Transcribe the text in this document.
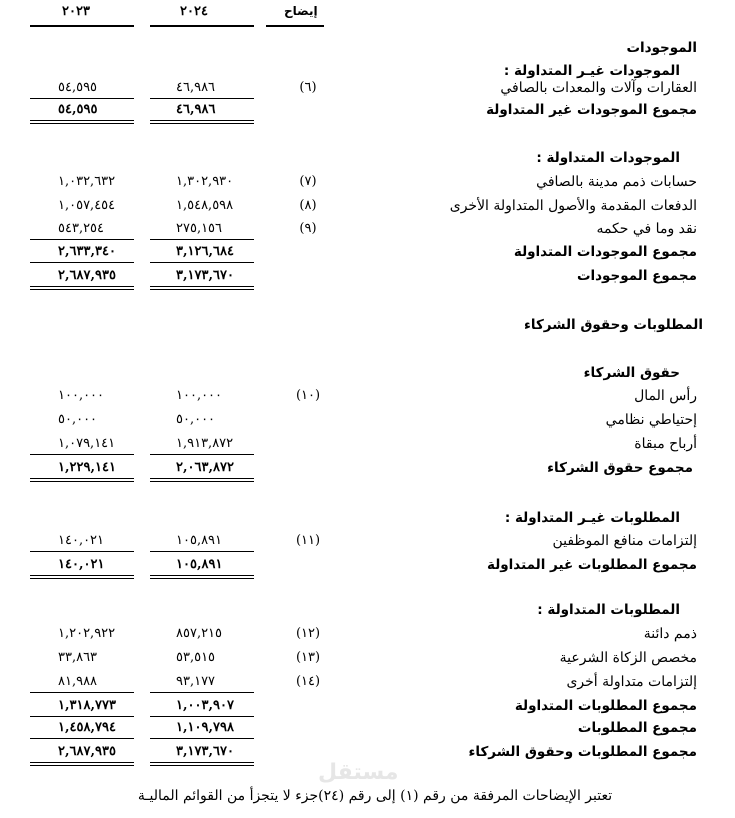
٢٠٢٣	٢٠٢٤	إيضاح
الموجودات
الموجودات غيـر المتداولة :
العقارات وآلات والمعدات بالصافي
(٦)
٤٦,٩٨٦
٥٤,٥٩٥
مجموع الموجودات غير المتداولة
٤٦,٩٨٦
٥٤,٥٩٥
الموجودات المتداولة :
حسابات ذمم مدينة بالصافي
(٧)
١,٣٠٢,٩٣٠
١,٠٣٢,٦٣٢
الدفعات المقدمة والأصول المتداولة الأخرى
(٨)
١,٥٤٨,٥٩٨
١,٠٥٧,٤٥٤
نقد وما في حكمه
(٩)
٢٧٥,١٥٦
٥٤٣,٢٥٤
مجموع الموجودات المتداولة
٣,١٢٦,٦٨٤
٢,٦٣٣,٣٤٠
مجموع الموجودات
٣,١٧٣,٦٧٠
٢,٦٨٧,٩٣٥
المطلوبات وحقوق الشركاء
حقوق الشركاء
رأس المال
(١٠)
١٠٠,٠٠٠
١٠٠,٠٠٠
إحتياطي نظامي
٥٠,٠٠٠
٥٠,٠٠٠
أرباح مبقاة
١,٩١٣,٨٧٢
١,٠٧٩,١٤١
مجموع حقوق الشركاء
٢,٠٦٣,٨٧٢
١,٢٢٩,١٤١
المطلوبات غيـر المتداولة :
إلتزامات منافع الموظفين
(١١)
١٠٥,٨٩١
١٤٠,٠٢١
مجموع المطلوبات غير المتداولة
١٠٥,٨٩١
١٤٠,٠٢١
المطلوبات المتداولة :
ذمم دائنة
(١٢)
٨٥٧,٢١٥
١,٢٠٢,٩٢٢
مخصص الزكاة الشرعية
(١٣)
٥٣,٥١٥
٣٣,٨٦٣
إلتزامات متداولة أخرى
(١٤)
٩٣,١٧٧
٨١,٩٨٨
مجموع المطلوبات المتداولة
١,٠٠٣,٩٠٧
١,٣١٨,٧٧٣
مجموع المطلوبات
١,١٠٩,٧٩٨
١,٤٥٨,٧٩٤
مجموع المطلوبات وحقوق الشركاء
٣,١٧٣,٦٧٠
٢,٦٨٧,٩٣٥
تعتبر الإيضاحات المرفقة من رقم (١) إلى رقم (٢٤)جزء لا يتجزأ من القوائم الماليـة
مستقل
